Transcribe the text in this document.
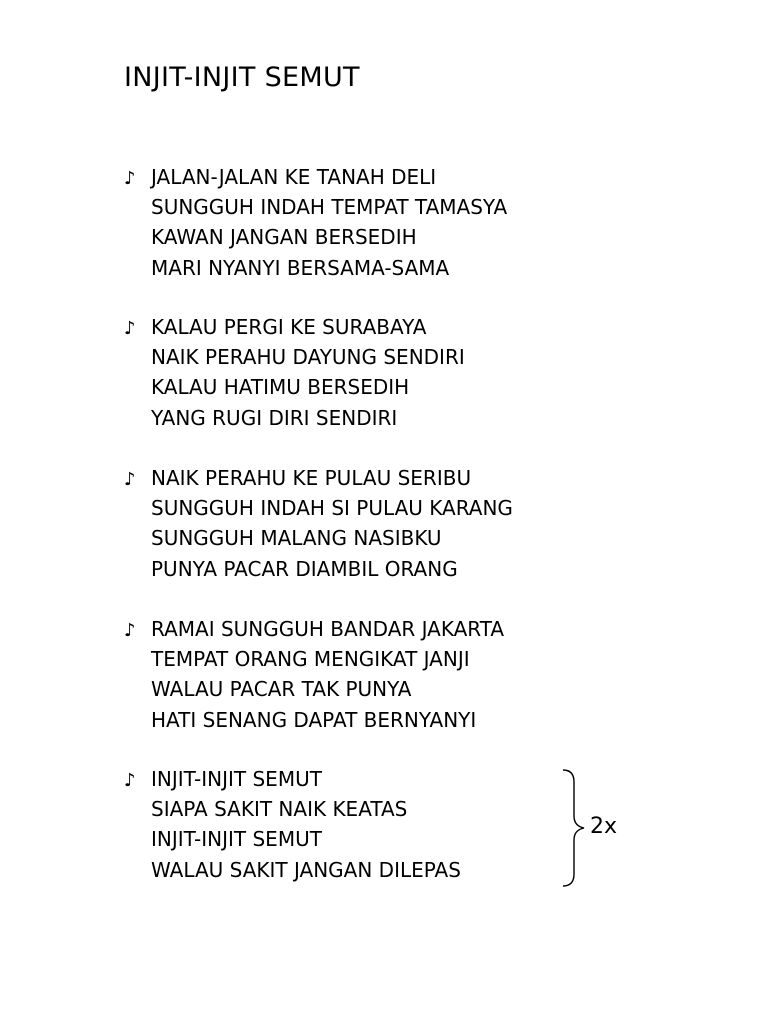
INJIT-INJIT SEMUT
♪ JALAN-JALAN KE TANAH DELI
SUNGGUH INDAH TEMPAT TAMASYA
KAWAN JANGAN BERSEDIH
MARI NYANYI BERSAMA-SAMA
♪ KALAU PERGI KE SURABAYA
NAIK PERAHU DAYUNG SENDIRI
KALAU HATIMU BERSEDIH
YANG RUGI DIRI SENDIRI
♪ NAIK PERAHU KE PULAU SERIBU
SUNGGUH INDAH SI PULAU KARANG
SUNGGUH MALANG NASIBKU
PUNYA PACAR DIAMBIL ORANG
♪ RAMAI SUNGGUH BANDAR JAKARTA
TEMPAT ORANG MENGIKAT JANJI
WALAU PACAR TAK PUNYA
HATI SENANG DAPAT BERNYANYI
♪ INJIT-INJIT SEMUT
SIAPA SAKIT NAIK KEATAS
INJIT-INJIT SEMUT
WALAU SAKIT JANGAN DILEPAS
2x
